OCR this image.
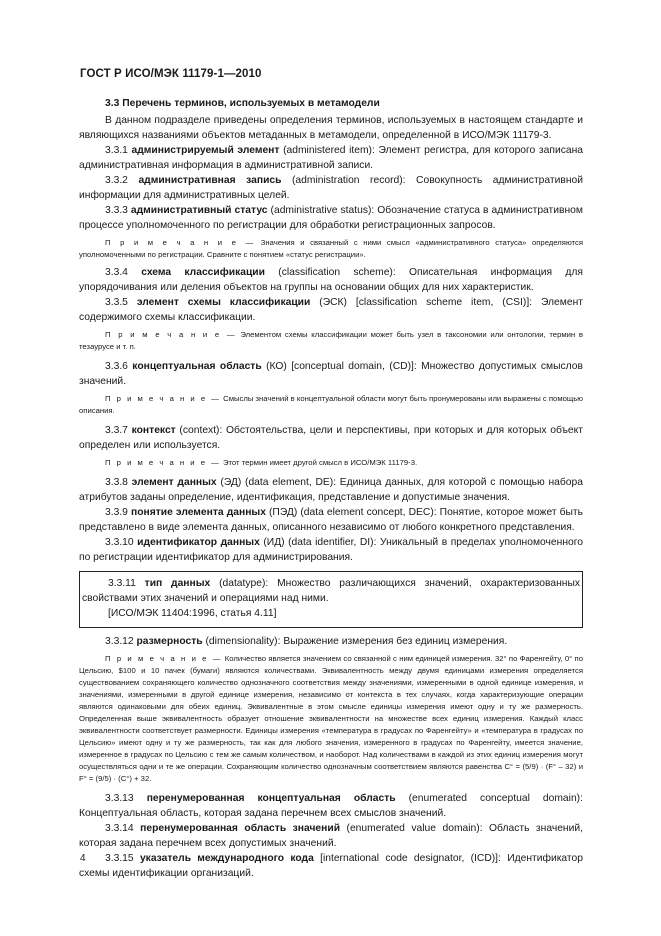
ГОСТ Р ИСО/МЭК 11179-1—2010
3.3 Перечень терминов, используемых в метамодели

В данном подразделе приведены определения терминов, используемых в настоящем стандарте и являющихся названиями объектов метаданных в метамодели, определенной в ИСО/МЭК 11179-3.

3.3.1 администрируемый элемент (administered item): Элемент регистра, для которого записана административная информация в административной записи.

3.3.2 административная запись (administration record): Совокупность административной информации для административных целей.

3.3.3 административный статус (administrative status): Обозначение статуса в административном процессе уполномоченного по регистрации для обработки регистрационных запросов.

П р и м е ч а н и е — Значения и связанный с ними смысл «административного статуса» определяются уполномоченными по регистрации. Сравните с понятием «статус регистрации».

3.3.4 схема классификации (classification scheme): Описательная информация для упорядочивания или деления объектов на группы на основании общих для них характеристик.

3.3.5 элемент схемы классификации (ЭСК) [classification scheme item, (CSI)]: Элемент содержимого схемы классификации.

П р и м е ч а н и е — Элементом схемы классификации может быть узел в таксономии или онтологии, термин в тезаурусе и т. п.

3.3.6 концептуальная область (КО) [conceptual domain, (CD)]: Множество допустимых смыслов значений.

П р и м е ч а н и е — Смыслы значений в концептуальной области могут быть пронумерованы или выражены с помощью описания.

3.3.7 контекст (context): Обстоятельства, цели и перспективы, при которых и для которых объект определен или используется.

П р и м е ч а н и е — Этот термин имеет другой смысл в ИСО/МЭК 11179-3.

3.3.8 элемент данных (ЭД) (data element, DE): Единица данных, для которой с помощью набора атрибутов заданы определение, идентификация, представление и допустимые значения.

3.3.9 понятие элемента данных (ПЭД) (data element concept, DEC): Понятие, которое может быть представлено в виде элемента данных, описанного независимо от любого конкретного представления.

3.3.10 идентификатор данных (ИД) (data identifier, DI): Уникальный в пределах уполномоченного по регистрации идентификатор для администрирования.

3.3.11 тип данных (datatype): Множество различающихся значений, охарактеризованных свойствами этих значений и операциями над ними.

[ИСО/МЭК 11404:1996, статья 4.11]

3.3.12 размерность (dimensionality): Выражение измерения без единиц измерения.

П р и м е ч а н и е — Количество является значением со связанной с ним единицей измерения. 32° по Фаренгейту, 0° по Цельсию, $100 и 10 пачек (бумаги) являются количествами. Эквивалентность между двумя единицами измерения определяется существованием сохраняющего количество однозначного соответствия между значениями, измеренными в одной единице измерения, и значениями, измеренными в другой единице измерения, независимо от контекста в тех случаях, когда характеризующие операции являются одинаковыми для обеих единиц. Эквивалентные в этом смысле единицы измерения имеют одну и ту же размерность. Определенная выше эквивалентность образует отношение эквивалентности на множестве всех единиц измерения. Каждый класс эквивалентности соответствует размерности. Единицы измерения «температура в градусах по Фаренгейту» и «температура в градусах по Цельсию» имеют одну и ту же размерность, так как для любого значения, измеренного в градусах по Фаренгейту, имеется значение, измеренное в градусах по Цельсию с тем же самым количеством, и наоборот. Над количествами в каждой из этих единиц измерения могут осуществляться одни и те же операции. Сохраняющим количество однозначным соответствием являются равенства С° = (5/9) · (F° – 32) и F° = (9/5) · (C°) + 32.

3.3.13 перенумерованная концептуальная область (enumerated conceptual domain): Концептуальная область, которая задана перечнем всех смыслов значений.

3.3.14 перенумерованная область значений (enumerated value domain): Область значений, которая задана перечнем всех допустимых значений.

3.3.15 указатель международного кода [international code designator, (ICD)]: Идентификатор схемы идентификации организаций.

4
